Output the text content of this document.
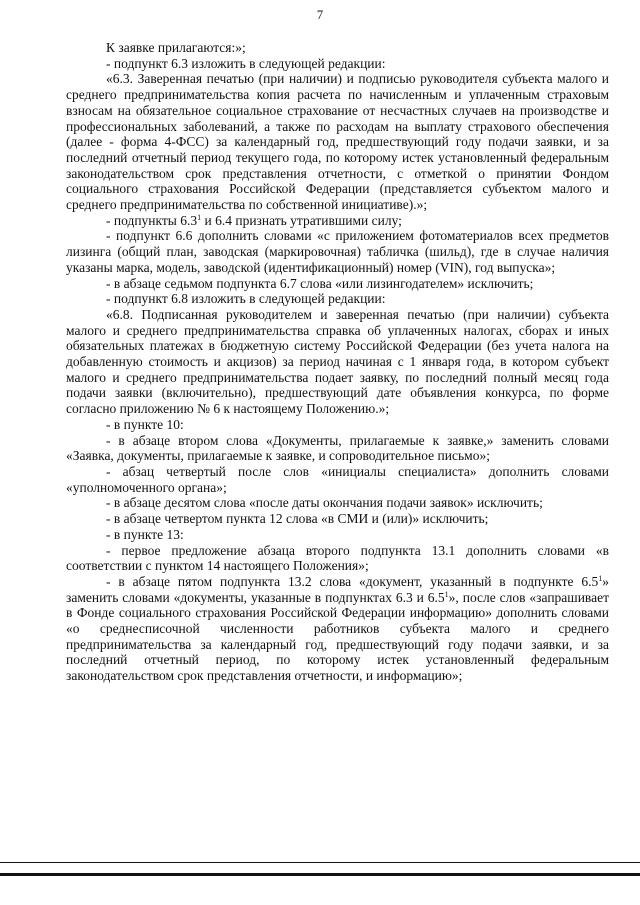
7

К заявке прилагаются:»;

- подпункт 6.3 изложить в следующей редакции:

«6.3. Заверенная печатью (при наличии) и подписью руководителя субъекта малого и среднего предпринимательства копия расчета по начисленным и уплаченным страховым взносам на обязательное социальное страхование от несчастных случаев на производстве и профессиональных заболеваний, а также по расходам на выплату страхового обеспечения (далее - форма 4-ФСС) за календарный год, предшествующий году подачи заявки, и за последний отчетный период текущего года, по которому истек установленный федеральным законодательством срок представления отчетности, с отметкой о принятии Фондом социального страхования Российской Федерации (представляется субъектом малого и среднего предпринимательства по собственной инициативе).»;

- подпункты $6.3^1$ и 6.4 признать утратившими силу;

- подпункт 6.6 дополнить словами «с приложением фотоматериалов всех предметов лизинга (общий план, заводская (маркировочная) табличка (шильд), где в случае наличия указаны марка, модель, заводской (идентификационный) номер (VIN), год выпуска»;

- в абзаце седьмом подпункта 6.7 слова «или лизингодателем» исключить;

- подпункт 6.8 изложить в следующей редакции:

«6.8. Подписанная руководителем и заверенная печатью (при наличии) субъекта малого и среднего предпринимательства справка об уплаченных налогах, сборах и иных обязательных платежах в бюджетную систему Российской Федерации (без учета налога на добавленную стоимость и акцизов) за период начиная с 1 января года, в котором субъект малого и среднего предпринимательства подает заявку, по последний полный месяц года подачи заявки (включительно), предшествующий дате объявления конкурса, по форме согласно приложению № 6 к настоящему Положению.»;

- в пункте 10:

- в абзаце втором слова «Документы, прилагаемые к заявке,» заменить словами «Заявка, документы, прилагаемые к заявке, и сопроводительное письмо»;

- абзац четвертый после слов «инициалы специалиста» дополнить словами «уполномоченного органа»;

- в абзаце десятом слова «после даты окончания подачи заявок» исключить;

- в абзаце четвертом пункта 12 слова «в СМИ и (или)» исключить;

- в пункте 13:

- первое предложение абзаца второго подпункта 13.1 дополнить словами «в соответствии с пунктом 14 настоящего Положения»;

- в абзаце пятом подпункта 13.2 слова «документ, указанный в подпункте $6.5^1$» заменить словами «документы, указанные в подпунктах 6.3 и $6.5^1$», после слов «запрашивает в Фонде социального страхования Российской Федерации информацию» дополнить словами «о среднесписочной численности работников субъекта малого и среднего предпринимательства за календарный год, предшествующий году подачи заявки, и за последний отчетный период, по которому истек установленный федеральным законодательством срок представления отчетности, и информацию»;
